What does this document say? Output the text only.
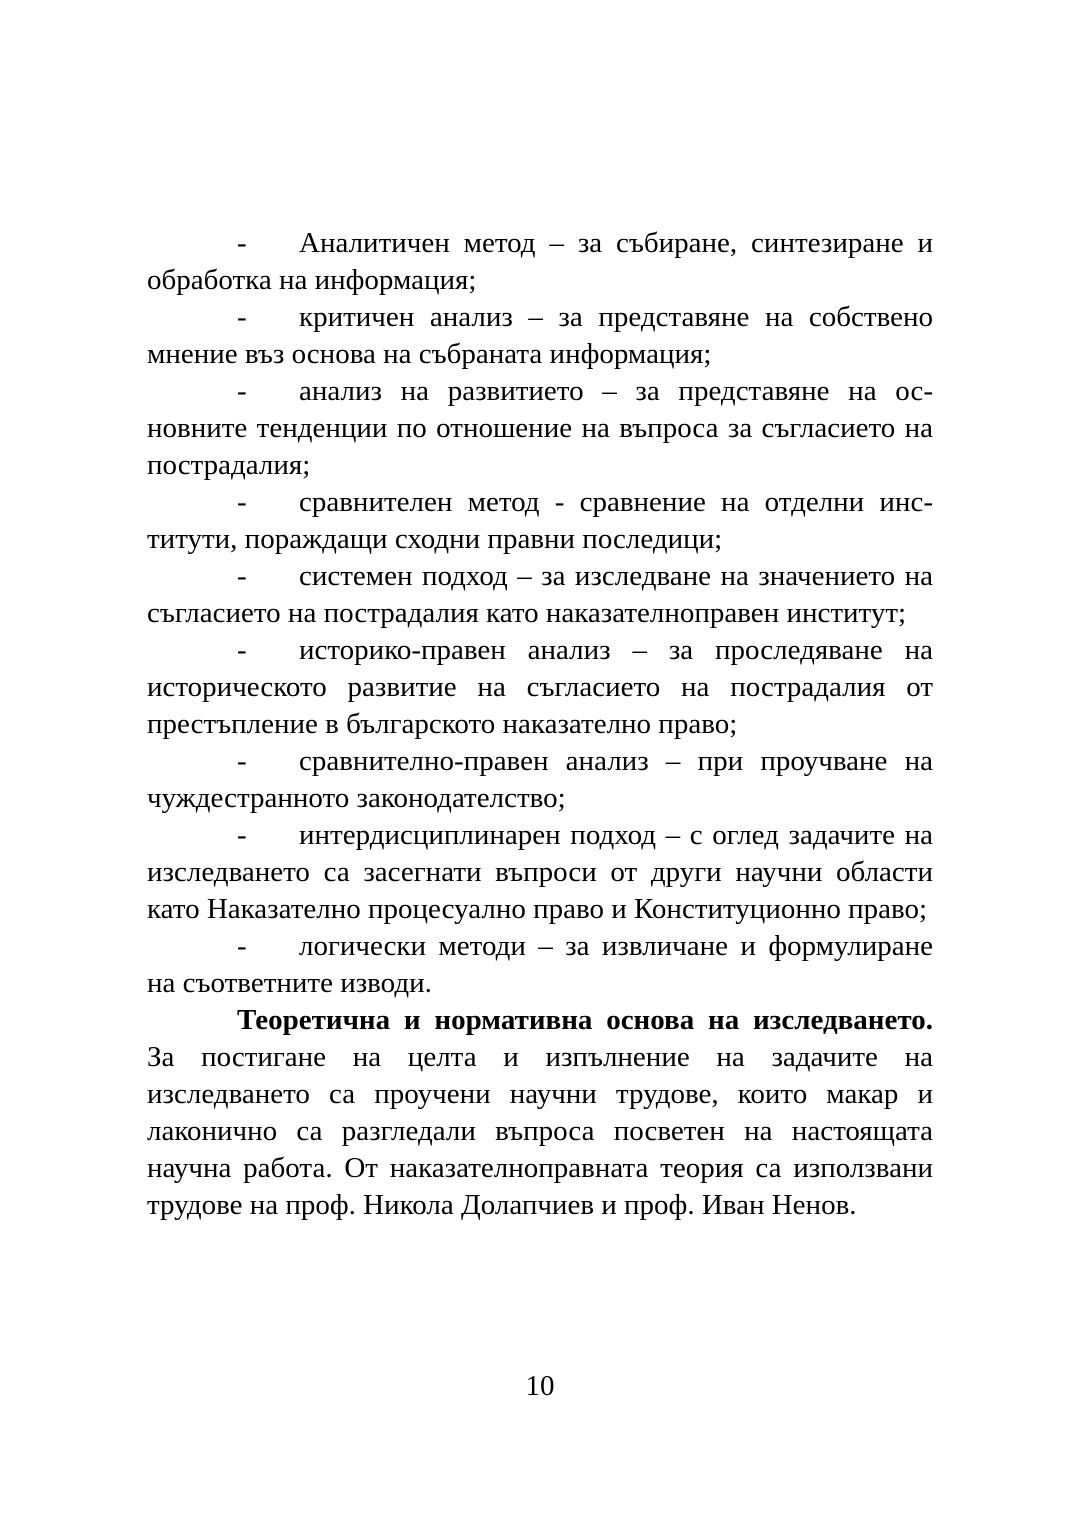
- Аналитичен метод – за събиране, синтезиране и обработка на информация;

- критичен анализ – за представяне на собствено мнение въз основа на събраната информация;

- анализ на развитието – за представяне на основните тенденции по отношение на въпроса за съгласието на пострадалия;

- сравнителен метод - сравнение на отделни институти, пораждащи сходни правни последици;

- системен подход – за изследване на значението на съгласието на пострадалия като наказателноправен институт;

- историко-правен анализ – за проследяване на историческото развитие на съгласието на пострадалия от престъпление в българското наказателно право;

- сравнително-правен анализ – при проучване на чуждестранното законодателство;

- интердисциплинарен подход – с оглед задачите на изследването са засегнати въпроси от други научни области като Наказателно процесуално право и Конституционно право;

- логически методи – за извличане и формулиране на съответните изводи.

Теоретична и нормативна основа на изследването. За постигане на целта и изпълнение на задачите на изследването са проучени научни трудове, които макар и лаконично са разгледали въпроса посветен на настоящата научна работа. От наказателноправната теория са използвани трудове на проф. Никола Долапчиев и проф. Иван Ненов.

10
